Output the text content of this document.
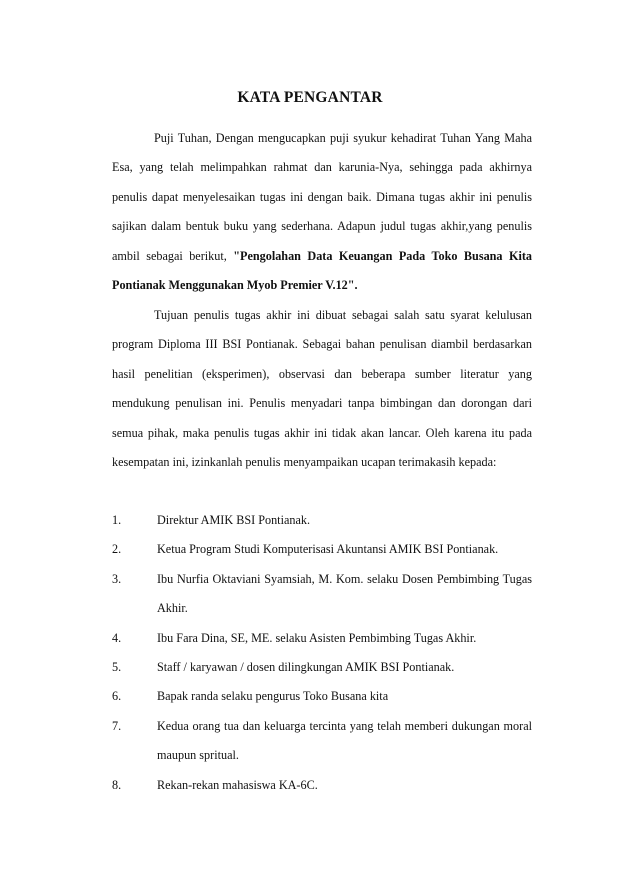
KATA PENGANTAR

Puji Tuhan, Dengan mengucapkan puji syukur kehadirat Tuhan Yang Maha Esa, yang telah melimpahkan rahmat dan karunia-Nya, sehingga pada akhirnya penulis dapat menyelesaikan tugas ini dengan baik. Dimana tugas akhir ini penulis sajikan dalam bentuk buku yang sederhana. Adapun judul tugas akhir,yang penulis ambil sebagai berikut, "Pengolahan Data Keuangan Pada Toko Busana Kita Pontianak Menggunakan Myob Premier V.12".

Tujuan penulis tugas akhir ini dibuat sebagai salah satu syarat kelulusan program Diploma III BSI Pontianak. Sebagai bahan penulisan diambil berdasarkan hasil penelitian (eksperimen), observasi dan beberapa sumber literatur yang mendukung penulisan ini. Penulis menyadari tanpa bimbingan dan dorongan dari semua pihak, maka penulis tugas akhir ini tidak akan lancar. Oleh karena itu pada kesempatan ini, izinkanlah penulis menyampaikan ucapan terimakasih kepada:

1.	Direktur AMIK BSI Pontianak.
2.	Ketua Program Studi Komputerisasi Akuntansi AMIK BSI Pontianak.
3.	Ibu Nurfia Oktaviani Syamsiah, M. Kom. selaku Dosen Pembimbing Tugas Akhir.
4.	Ibu Fara Dina, SE, ME. selaku Asisten Pembimbing Tugas Akhir.
5.	Staff / karyawan / dosen dilingkungan AMIK BSI Pontianak.
6.	Bapak randa selaku pengurus Toko Busana kita
7.	Kedua orang tua dan keluarga tercinta yang telah memberi dukungan moral maupun spritual.
8.	Rekan-rekan mahasiswa KA-6C.
